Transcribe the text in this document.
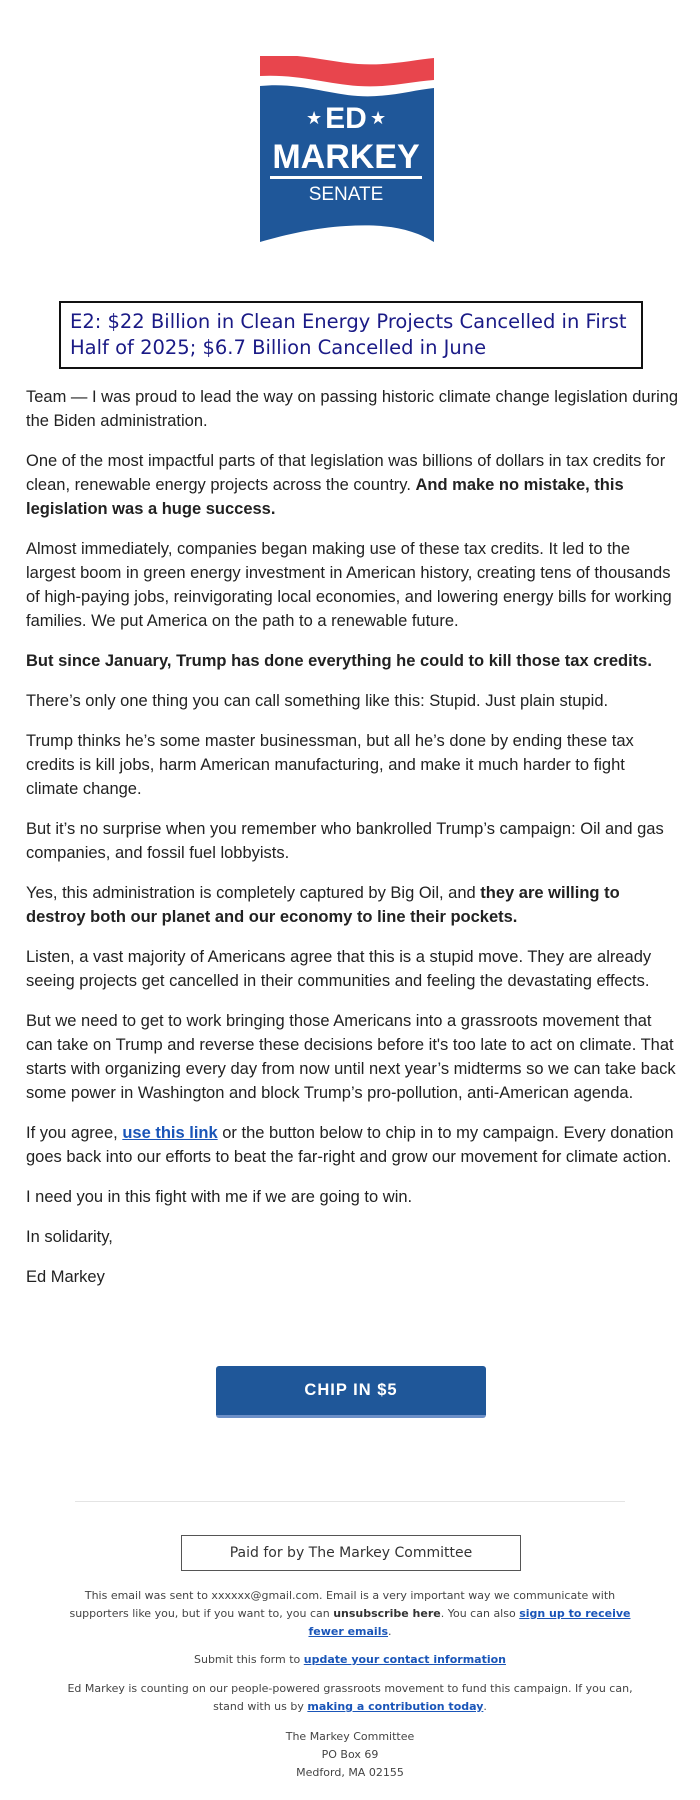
★	★
ED
MARKEY
SENATE

E2: $22 Billion in Clean Energy Projects Cancelled in First Half of 2025; $6.7 Billion Cancelled in June

Team — I was proud to lead the way on passing historic climate change legislation during the Biden administration.

One of the most impactful parts of that legislation was billions of dollars in tax credits for clean, renewable energy projects across the country. And make no mistake, this legislation was a huge success.

Almost immediately, companies began making use of these tax credits. It led to the largest boom in green energy investment in American history, creating tens of thousands of high-paying jobs, reinvigorating local economies, and lowering energy bills for working families. We put America on the path to a renewable future.

But since January, Trump has done everything he could to kill those tax credits.

There’s only one thing you can call something like this: Stupid. Just plain stupid.

Trump thinks he’s some master businessman, but all he’s done by ending these tax credits is kill jobs, harm American manufacturing, and make it much harder to fight climate change.

But it’s no surprise when you remember who bankrolled Trump’s campaign: Oil and gas companies, and fossil fuel lobbyists.

Yes, this administration is completely captured by Big Oil, and they are willing to destroy both our planet and our economy to line their pockets.

Listen, a vast majority of Americans agree that this is a stupid move. They are already seeing projects get cancelled in their communities and feeling the devastating effects.

But we need to get to work bringing those Americans into a grassroots movement that can take on Trump and reverse these decisions before it's too late to act on climate. That starts with organizing every day from now until next year’s midterms so we can take back some power in Washington and block Trump’s pro-pollution, anti-American agenda.

If you agree, use this link or the button below to chip in to my campaign. Every donation goes back into our efforts to beat the far-right and grow our movement for climate action.

I need you in this fight with me if we are going to win.

In solidarity,

Ed Markey

CHIP IN $5
Paid for by The Markey Committee
This email was sent to xxxxxx@gmail.com. Email is a very important way we communicate with supporters like you, but if you want to, you can unsubscribe here. You can also sign up to receive fewer emails.
Submit this form to update your contact information
Ed Markey is counting on our people-powered grassroots movement to fund this campaign. If you can, stand with us by making a contribution today.
The Markey Committee
PO Box 69
Medford, MA 02155
